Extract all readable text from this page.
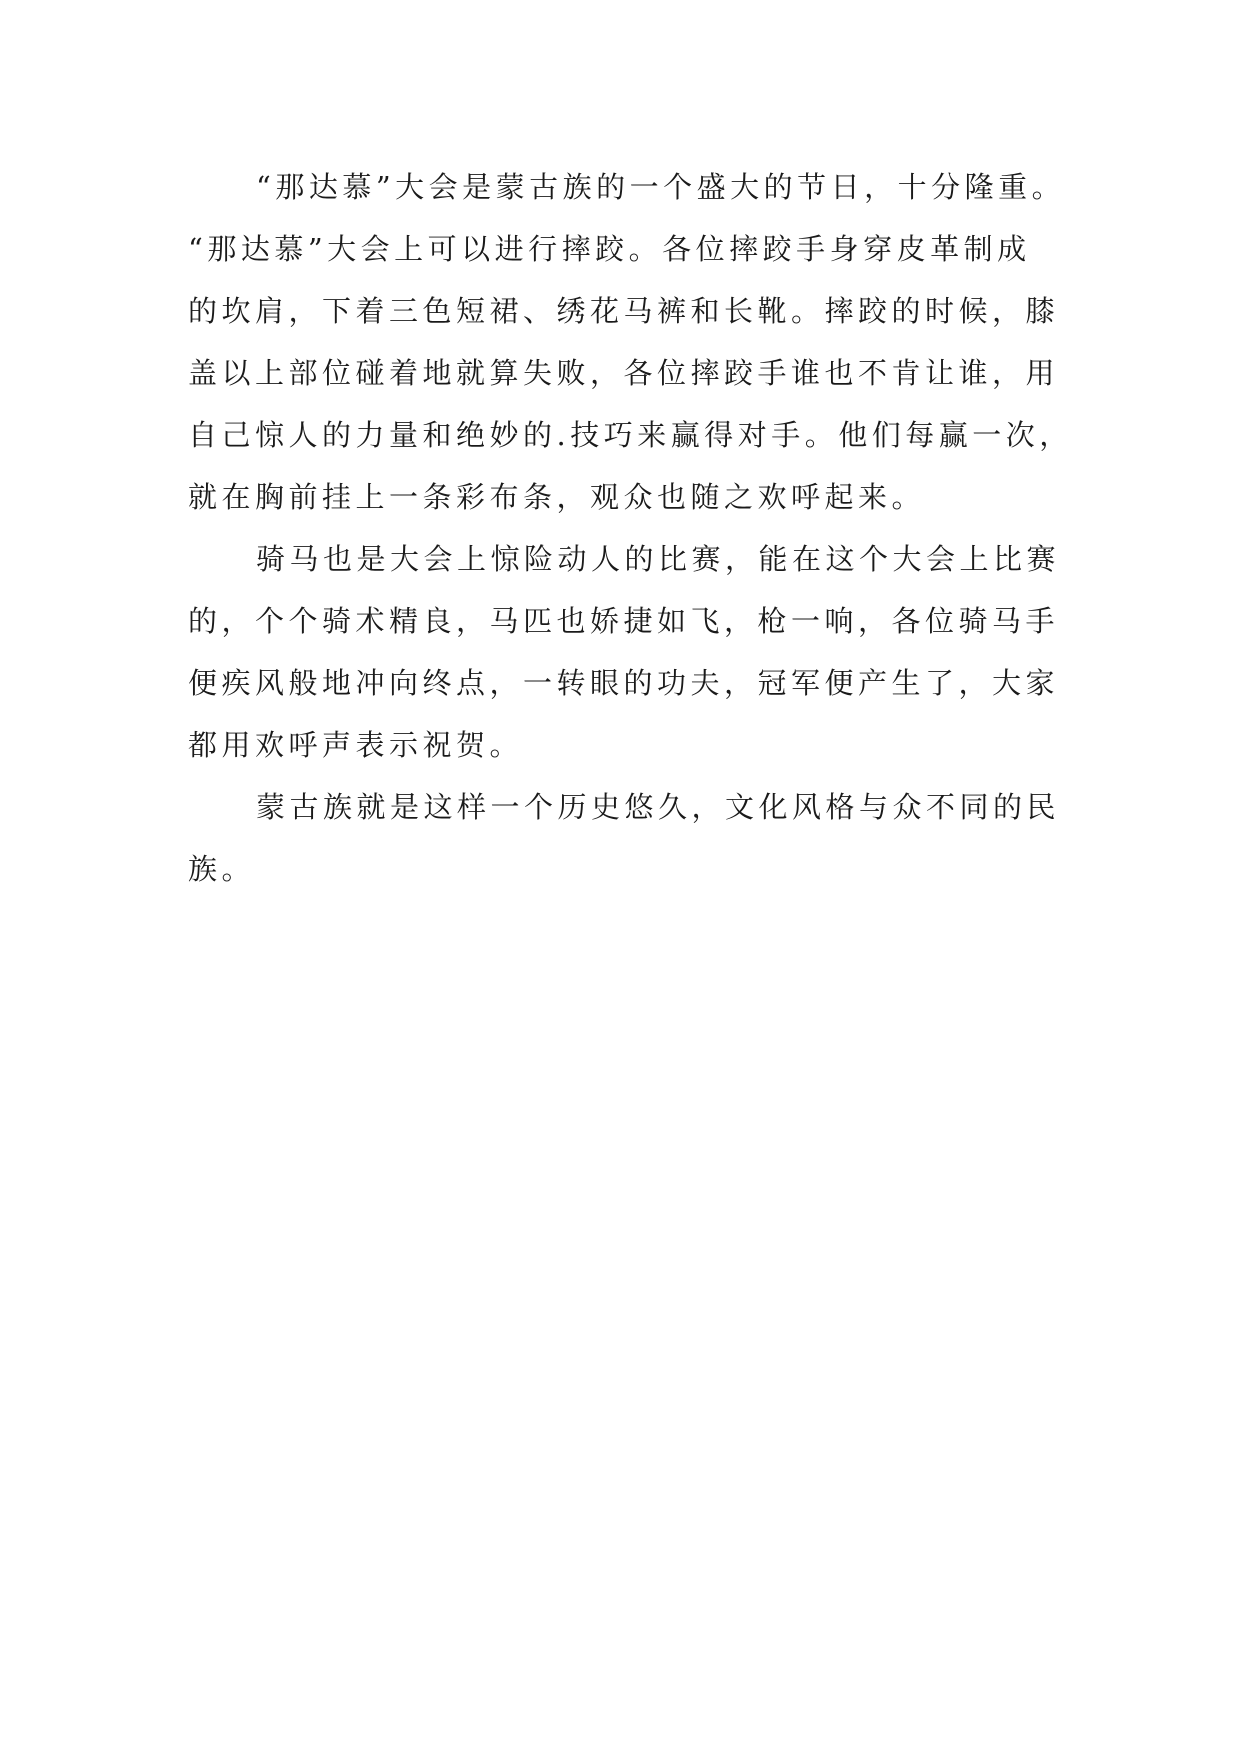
“那达慕”大会是蒙古族的一个盛大的节日，十分隆重。
“那达慕”大会上可以进行摔跤。各位摔跤手身穿皮革制成
的坎肩，下着三色短裙、绣花马裤和长靴。摔跤的时候，膝
盖以上部位碰着地就算失败，各位摔跤手谁也不肯让谁，用
自己惊人的力量和绝妙的.技巧来赢得对手。他们每赢一次，
就在胸前挂上一条彩布条，观众也随之欢呼起来。

骑马也是大会上惊险动人的比赛，能在这个大会上比赛
的，个个骑术精良，马匹也娇捷如飞，枪一响，各位骑马手
便疾风般地冲向终点，一转眼的功夫，冠军便产生了，大家
都用欢呼声表示祝贺。

蒙古族就是这样一个历史悠久，文化风格与众不同的民
族。
